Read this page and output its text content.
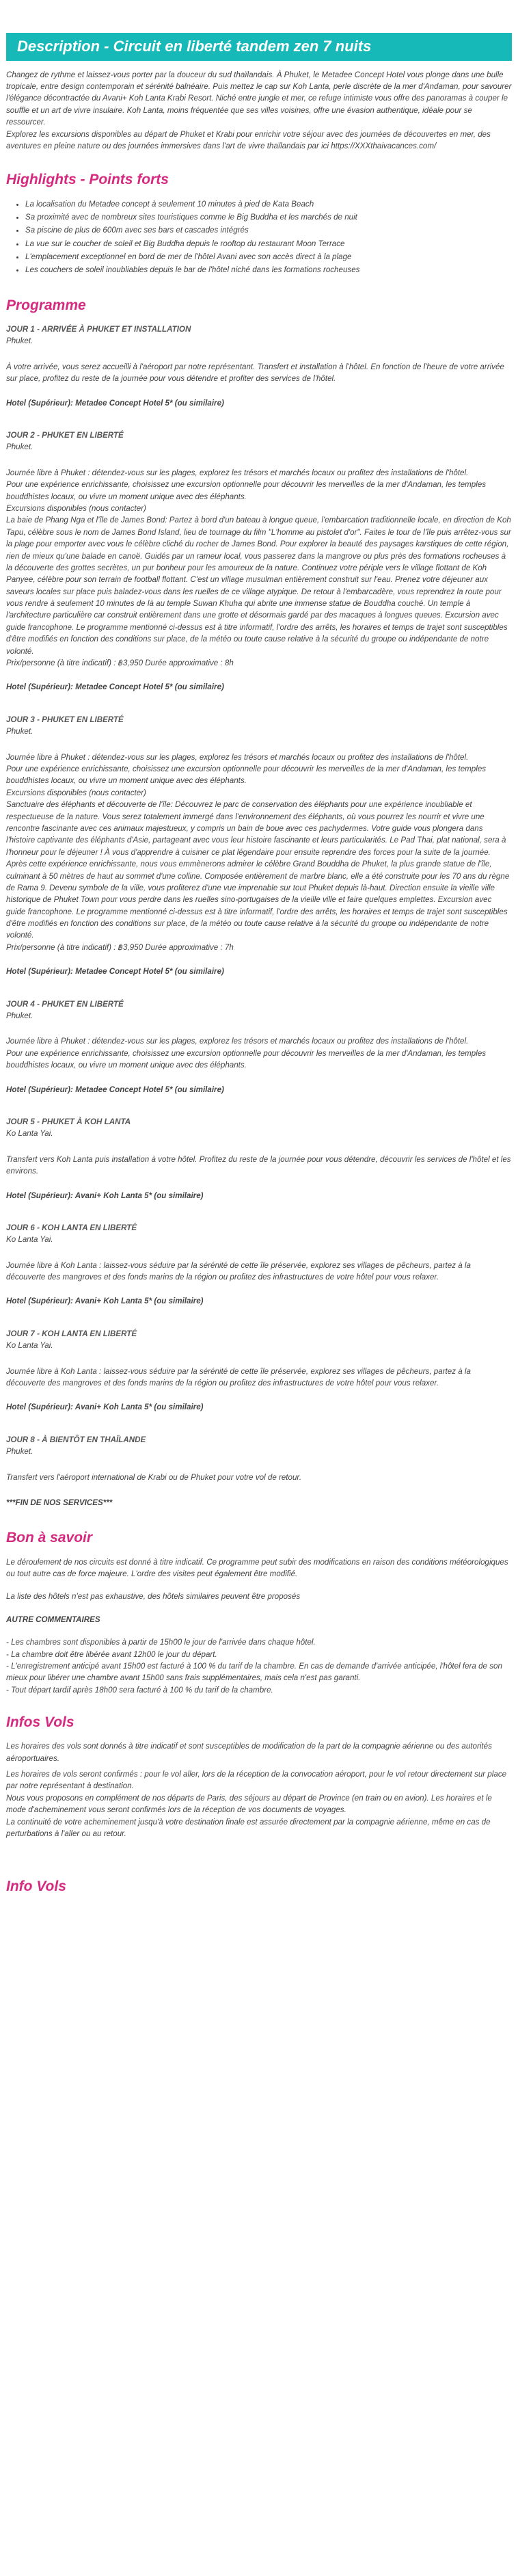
Description - Circuit en liberté tandem zen 7 nuits

Changez de rythme et laissez-vous porter par la douceur du sud thaïlandais. À Phuket, le Metadee Concept Hotel vous plonge dans une bulle tropicale, entre design contemporain et sérénité balnéaire. Puis mettez le cap sur Koh Lanta, perle discrète de la mer d'Andaman, pour savourer l'élégance décontractée du Avani+ Koh Lanta Krabi Resort. Niché entre jungle et mer, ce refuge intimiste vous offre des panoramas à couper le souffle et un art de vivre insulaire. Koh Lanta, moins fréquentée que ses villes voisines, offre une évasion authentique, idéale pour se ressourcer.

Explorez les excursions disponibles au départ de Phuket et Krabi pour enrichir votre séjour avec des journées de découvertes en mer, des aventures en pleine nature ou des journées immersives dans l'art de vivre thaïlandais par ici https://XXXthaivacances.com/

Highlights - Points forts
• La localisation du Metadee concept à seulement 10 minutes à pied de Kata Beach
• Sa proximité avec de nombreux sites touristiques comme le Big Buddha et les marchés de nuit
• Sa piscine de plus de 600m avec ses bars et cascades intégrés
• La vue sur le coucher de soleil et Big Buddha depuis le rooftop du restaurant Moon Terrace
• L'emplacement exceptionnel en bord de mer de l'hôtel Avani avec son accès direct à la plage
• Les couchers de soleil inoubliables depuis le bar de l'hôtel niché dans les formations rocheuses
Programme
JOUR 1 - ARRIVÉE À PHUKET ET INSTALLATION
Phuket.

À votre arrivée, vous serez accueilli à l'aéroport par notre représentant. Transfert et installation à l'hôtel. En fonction de l'heure de votre arrivée sur place, profitez du reste de la journée pour vous détendre et profiter des services de l'hôtel.

Hotel (Supérieur): Metadee Concept Hotel 5* (ou similaire)
JOUR 2 - PHUKET EN LIBERTÉ
Phuket.

Journée libre à Phuket : détendez-vous sur les plages, explorez les trésors et marchés locaux ou profitez des installations de l'hôtel.

Pour une expérience enrichissante, choisissez une excursion optionnelle pour découvrir les merveilles de la mer d'Andaman, les temples bouddhistes locaux, ou vivre un moment unique avec des éléphants.

Excursions disponibles (nous contacter)

La baie de Phang Nga et l'île de James Bond: Partez à bord d'un bateau à longue queue, l'embarcation traditionnelle locale, en direction de Koh Tapu, célèbre sous le nom de James Bond Island, lieu de tournage du film "L'homme au pistolet d'or". Faites le tour de l'île puis arrêtez-vous sur la plage pour emporter avec vous le célèbre cliché du rocher de James Bond. Pour explorer la beauté des paysages karstiques de cette région, rien de mieux qu'une balade en canoë. Guidés par un rameur local, vous passerez dans la mangrove ou plus près des formations rocheuses à la découverte des grottes secrètes, un pur bonheur pour les amoureux de la nature. Continuez votre périple vers le village flottant de Koh Panyee, célèbre pour son terrain de football flottant. C'est un village musulman entièrement construit sur l'eau. Prenez votre déjeuner aux saveurs locales sur place puis baladez-vous dans les ruelles de ce village atypique. De retour à l'embarcadère, vous reprendrez la route pour vous rendre à seulement 10 minutes de là au temple Suwan Khuha qui abrite une immense statue de Bouddha couché. Un temple à l'architecture particulière car construit entièrement dans une grotte et désormais gardé par des macaques à longues queues. Excursion avec guide francophone. Le programme mentionné ci-dessus est à titre informatif, l'ordre des arrêts, les horaires et temps de trajet sont susceptibles d'être modifiés en fonction des conditions sur place, de la météo ou toute cause relative à la sécurité du groupe ou indépendante de notre volonté.

Prix/personne (à titre indicatif) : ฿3,950 Durée approximative : 8h

Hotel (Supérieur): Metadee Concept Hotel 5* (ou similaire)
JOUR 3 - PHUKET EN LIBERTÉ
Phuket.

Journée libre à Phuket : détendez-vous sur les plages, explorez les trésors et marchés locaux ou profitez des installations de l'hôtel.

Pour une expérience enrichissante, choisissez une excursion optionnelle pour découvrir les merveilles de la mer d'Andaman, les temples bouddhistes locaux, ou vivre un moment unique avec des éléphants.

Excursions disponibles (nous contacter)

Sanctuaire des éléphants et découverte de l'île: Découvrez le parc de conservation des éléphants pour une expérience inoubliable et respectueuse de la nature. Vous serez totalement immergé dans l'environnement des éléphants, où vous pourrez les nourrir et vivre une rencontre fascinante avec ces animaux majestueux, y compris un bain de boue avec ces pachydermes. Votre guide vous plongera dans l'histoire captivante des éléphants d'Asie, partageant avec vous leur histoire fascinante et leurs particularités. Le Pad Thai, plat national, sera à l'honneur pour le déjeuner ! À vous d'apprendre à cuisiner ce plat légendaire pour ensuite reprendre des forces pour la suite de la journée. Après cette expérience enrichissante, nous vous emmènerons admirer le célèbre Grand Bouddha de Phuket, la plus grande statue de l'île, culminant à 50 mètres de haut au sommet d'une colline. Composée entièrement de marbre blanc, elle a été construite pour les 70 ans du règne de Rama 9. Devenu symbole de la ville, vous profiterez d'une vue imprenable sur tout Phuket depuis là-haut. Direction ensuite la vieille ville historique de Phuket Town pour vous perdre dans les ruelles sino-portugaises de la vieille ville et faire quelques emplettes. Excursion avec guide francophone. Le programme mentionné ci-dessus est à titre informatif, l'ordre des arrêts, les horaires et temps de trajet sont susceptibles d'être modifiés en fonction des conditions sur place, de la météo ou toute cause relative à la sécurité du groupe ou indépendante de notre volonté.

Prix/personne (à titre indicatif) : ฿3,950 Durée approximative : 7h

Hotel (Supérieur): Metadee Concept Hotel 5* (ou similaire)
JOUR 4 - PHUKET EN LIBERTÉ
Phuket.

Journée libre à Phuket : détendez-vous sur les plages, explorez les trésors et marchés locaux ou profitez des installations de l'hôtel.

Pour une expérience enrichissante, choisissez une excursion optionnelle pour découvrir les merveilles de la mer d'Andaman, les temples bouddhistes locaux, ou vivre un moment unique avec des éléphants.

Hotel (Supérieur): Metadee Concept Hotel 5* (ou similaire)
JOUR 5 - PHUKET À KOH LANTA
Ko Lanta Yai.

Transfert vers Koh Lanta puis installation à votre hôtel. Profitez du reste de la journée pour vous détendre, découvrir les services de l'hôtel et les environs.

Hotel (Supérieur): Avani+ Koh Lanta 5* (ou similaire)
JOUR 6 - KOH LANTA EN LIBERTÉ
Ko Lanta Yai.

Journée libre à Koh Lanta : laissez-vous séduire par la sérénité de cette île préservée, explorez ses villages de pêcheurs, partez à la découverte des mangroves et des fonds marins de la région ou profitez des infrastructures de votre hôtel pour vous relaxer.

Hotel (Supérieur): Avani+ Koh Lanta 5* (ou similaire)
JOUR 7 - KOH LANTA EN LIBERTÉ
Ko Lanta Yai.

Journée libre à Koh Lanta : laissez-vous séduire par la sérénité de cette île préservée, explorez ses villages de pêcheurs, partez à la découverte des mangroves et des fonds marins de la région ou profitez des infrastructures de votre hôtel pour vous relaxer.

Hotel (Supérieur): Avani+ Koh Lanta 5* (ou similaire)
JOUR 8 - À BIENTÔT EN THAÏLANDE
Phuket.

Transfert vers l'aéroport international de Krabi ou de Phuket pour votre vol de retour.

***FIN DE NOS SERVICES***
Bon à savoir

Le déroulement de nos circuits est donné à titre indicatif. Ce programme peut subir des modifications en raison des conditions météorologiques ou tout autre cas de force majeure. L'ordre des visites peut également être modifié.

La liste des hôtels n'est pas exhaustive, des hôtels similaires peuvent être proposés

AUTRE COMMENTAIRES

- Les chambres sont disponibles à partir de 15h00 le jour de l'arrivée dans chaque hôtel.

- La chambre doit être libérée avant 12h00 le jour du départ.

- L'enregistrement anticipé avant 15h00 est facturé à 100 % du tarif de la chambre. En cas de demande d'arrivée anticipée, l'hôtel fera de son mieux pour libérer une chambre avant 15h00 sans frais supplémentaires, mais cela n'est pas garanti.

- Tout départ tardif après 18h00 sera facturé à 100 % du tarif de la chambre.

Infos Vols

Les horaires des vols sont donnés à titre indicatif et sont susceptibles de modification de la part de la compagnie aérienne ou des autorités aéroportuaires.

Les horaires de vols seront confirmés : pour le vol aller, lors de la réception de la convocation aéroport, pour le vol retour directement sur place par notre représentant à destination.

Nous vous proposons en complément de nos départs de Paris, des séjours au départ de Province (en train ou en avion). Les horaires et le mode d'acheminement vous seront confirmés lors de la réception de vos documents de voyages.

La continuité de votre acheminement jusqu'à votre destination finale est assurée directement par la compagnie aérienne, même en cas de perturbations à l'aller ou au retour.

Info Vols
